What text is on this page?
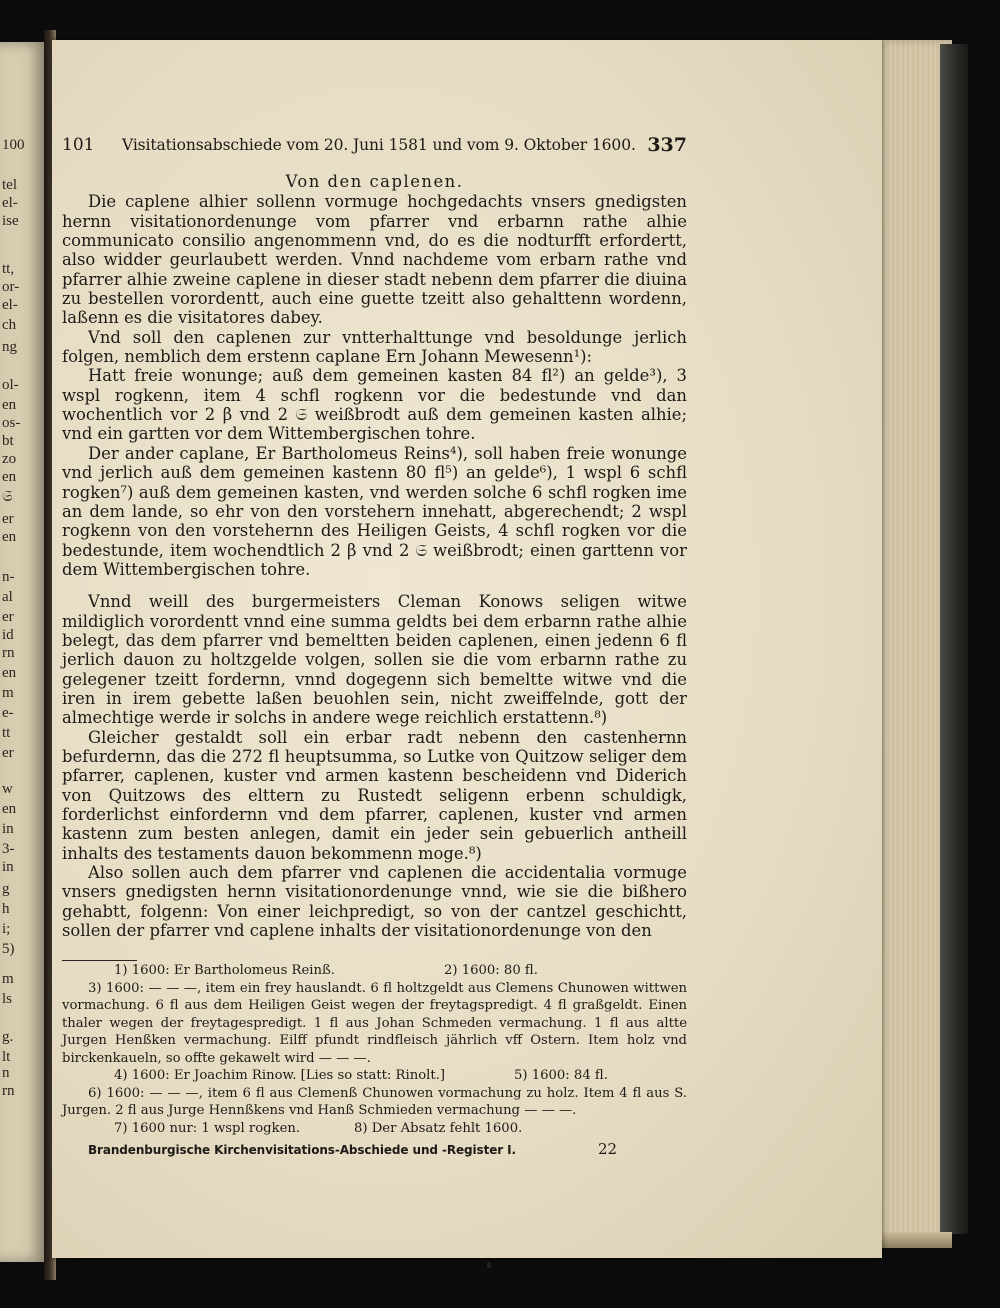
100
tel
el-
ise
tt,
or-
el-
ch
ng
ol-
en
os-
bt
zo
en
𝔖
er
en
n-
al
er
id
rn
en
m
e-
tt
er
w
en
in
3-
in
g
h
i;
5)
m
ls
g.
lt
n
rn
101 Visitationsabschiede vom 20. Juni 1581 und vom 9. Oktober 1600. 337

Von den caplenen.

Die caplene alhier sollenn vormuge hochgedachts vnsers gnedigsten hernn visitationordenunge vom pfarrer vnd erbarnn rathe alhie communicato consilio angenommenn vnd, do es die nodturfft erfordertt, also widder geurlaubett werden. Vnnd nachdeme vom erbarn rathe vnd pfarrer alhie zweine caplene in dieser stadt nebenn dem pfarrer die diuina zu bestellen vorordentt, auch eine guette tzeitt also gehalttenn wordenn, laßenn es die visitatores dabey.

Vnd soll den caplenen zur vntterhalttunge vnd besoldunge jerlich folgen, nemblich dem erstenn caplane Ern Johann Mewesenn¹):

Hatt freie wonunge; auß dem gemeinen kasten 84 fl²) an gelde³), 3 wspl rogkenn, item 4 schfl rogkenn vor die bedestunde vnd dan wochentlich vor 2 β vnd 2 𝔖 weißbrodt auß dem gemeinen kasten alhie; vnd ein gartten vor dem Wittembergischen tohre.

Der ander caplane, Er Bartholomeus Reins⁴), soll haben freie wonunge vnd jerlich auß dem gemeinen kastenn 80 fl⁵) an gelde⁶), 1 wspl 6 schfl rogken⁷) auß dem gemeinen kasten, vnd werden solche 6 schfl rogken ime an dem lande, so ehr von den vorstehern innehatt, abgerechendt; 2 wspl rogkenn von den vorstehernn des Heiligen Geists, 4 schfl rogken vor die bedestunde, item wochendtlich 2 β vnd 2 𝔖 weißbrodt; einen garttenn vor dem Wittembergischen tohre.

Vnnd weill des burgermeisters Cleman Konows seligen witwe mildiglich vorordentt vnnd eine summa geldts bei dem erbarnn rathe alhie belegt, das dem pfarrer vnd bemeltten beiden caplenen, einen jedenn 6 fl jerlich dauon zu holtzgelde volgen, sollen sie die vom erbarnn rathe zu gelegener tzeitt fordernn, vnnd dogegenn sich bemeltte witwe vnd die iren in irem gebette laßen beuohlen sein, nicht zweiffelnde, gott der almechtige werde ir solchs in andere wege reichlich erstattenn.⁸)

Gleicher gestaldt soll ein erbar radt nebenn den castenhernn befurdernn, das die 272 fl heuptsumma, so Lutke von Quitzow seliger dem pfarrer, caplenen, kuster vnd armen kastenn bescheidenn vnd Diderich von Quitzows des elttern zu Rustedt seligenn erbenn schuldigk, forderlichst einfordernn vnd dem pfarrer, caplenen, kuster vnd armen kastenn zum besten anlegen, damit ein jeder sein gebuerlich antheill inhalts des testaments dauon bekommenn moge.⁸)

Also sollen auch dem pfarrer vnd caplenen die accidentalia vormuge vnsers gnedigsten hernn visitationordenunge vnnd, wie sie die bißhero gehabtt, folgenn: Von einer leichpredigt, so von der cantzel geschichtt, sollen der pfarrer vnd caplene inhalts der visitationordenunge von den

1) 1600: Er Bartholomeus Reinß.	2) 1600: 80 fl.

3) 1600: — — —, item ein frey hauslandt. 6 fl holtzgeldt aus Clemens Chunowen wittwen vormachung. 6 fl aus dem Heiligen Geist wegen der freytagspredigt. 4 fl graßgeldt. Einen thaler wegen der freytagespredigt. 1 fl aus Johan Schmeden vermachung. 1 fl aus altte Jurgen Henßken vermachung. Eilff pfundt rindfleisch jährlich vff Ostern. Item holz vnd birckenkaueln, so offte gekawelt wird — — —.

4) 1600: Er Joachim Rinow. [Lies so statt: Rinolt.]	5) 1600: 84 fl.

6) 1600: — — —, item 6 fl aus Clemenß Chunowen vormachung zu holz. Item 4 fl aus S. Jurgen. 2 fl aus Jurge Hennßkens vnd Hanß Schmieden vermachung — — —.

7) 1600 nur: 1 wspl rogken.	8) Der Absatz fehlt 1600.

Brandenburgische Kirchenvisitations-Abschiede und -Register I.	22
